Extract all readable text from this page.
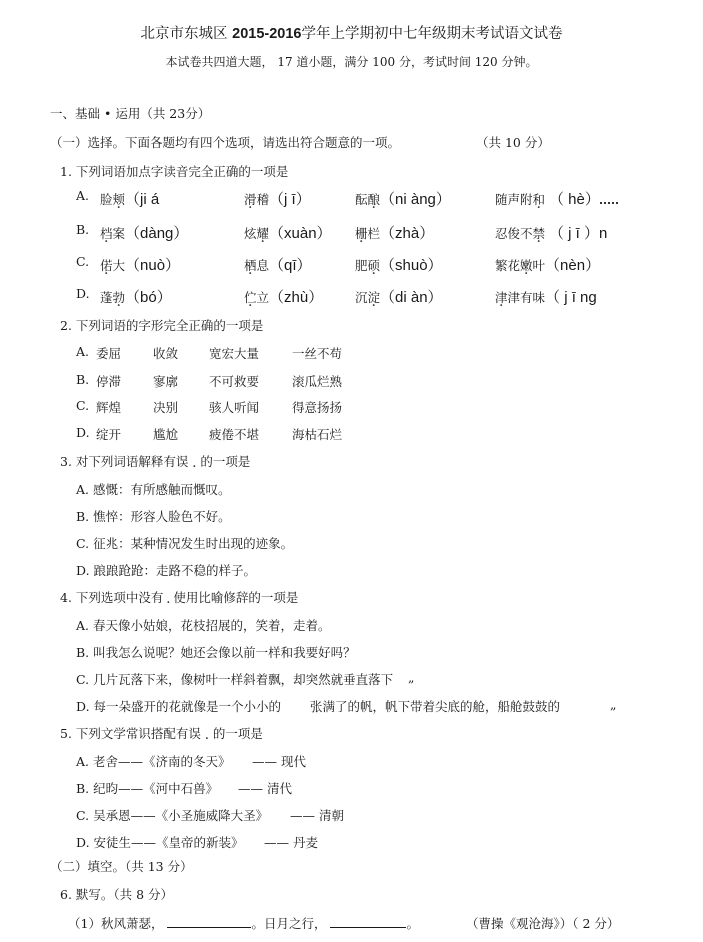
北京市东城区 2015-2016学年上学期初中七年级期末考试语文试卷
本试卷共四道大题， 17 道小题，满分 100 分，考试时间 120 分钟。
一、基础 • 运用（共 23分）
（一）选择。下面各题均有四个选项，请选出符合题意的一项。	（共 10 分）
1. 下列词语加点字读音完全正确的一项是
A. 脸颊（ji á	滑稽（j ī）	酝酿（ni àng）	随声附和 （ hè）
B. 档案（dàng）	炫耀（xuàn） 栅栏（zhà）	忍俊不禁 （ j ī ）n
C. 偌大（nuò）	栖息（qī）	肥硕（shuò）	繁花嫩叶（nèn）
D. 蓬勃（bó）	伫立（zhù）	沉淀（di àn）	津津有味（ j ī ng
2. 下列词语的字形完全正确的一项是
A. 委屈	收敛 宽宏大量	一丝不苟
B. 停滞	寥廓 不可救要	滚瓜烂熟
C. 辉煌	决别 骇人听闻	得意扬扬
D. 绽开	尴尬 疲倦不堪	海枯石烂
3. 对下列词语解释有误 的一项是
A. 感慨：有所感触而慨叹。
B. 憔悴：形容人脸色不好。
C. 征兆：某种情况发生时出现的迹象。
D. 踉踉跄跄：走路不稳的样子。
4. 下列选项中没有 使用比喻修辞的一项是
A. 春天像小姑娘，花枝招展的，笑着，走着。
B. 叫我怎么说呢？她还会像以前一样和我要好吗？
C. 几片瓦落下来，像树叶一样斜着飘，却突然就垂直落下 „
D. 每一朵盛开的花就像是一个小小的 张满了的帆，帆下带着尖底的舱，船舱鼓鼓的	„
5. 下列文学常识搭配有误 的一项是
A. 老舍——《济南的冬天》 —— 现代
B. 纪昀——《河中石兽》 —— 清代
C. 吴承恩——《小圣施威降大圣》 —— 清朝
D. 安徒生——《皇帝的新装》 —— 丹麦
（二）填空。（共 13 分）
6. 默写。（共 8 分）
（1）秋风萧瑟，	。日月之行，	。	（曹操《观沧海》）（ 2 分）
